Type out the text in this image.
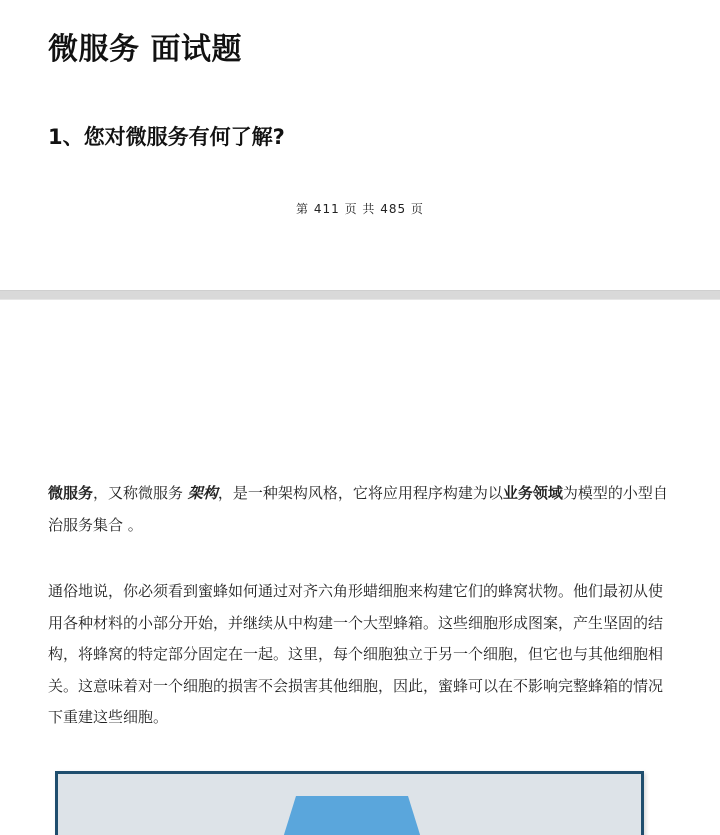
微服务 面试题
1、您对微服务有何了解?
第 411 页 共 485 页

微服务，又称微服务 架构，是一种架构风格，它将应用程序构建为以业务领域为模型的小型自治服务集合 。

通俗地说，你必须看到蜜蜂如何通过对齐六角形蜡细胞来构建它们的蜂窝状物。他们最初从使用各种材料的小部分开始，并继续从中构建一个大型蜂箱。这些细胞形成图案，产生坚固的结构，将蜂窝的特定部分固定在一起。这里，每个细胞独立于另一个细胞，但它也与其他细胞相关。这意味着对一个细胞的损害不会损害其他细胞，因此，蜜蜂可以在不影响完整蜂箱的情况下重建这些细胞。
